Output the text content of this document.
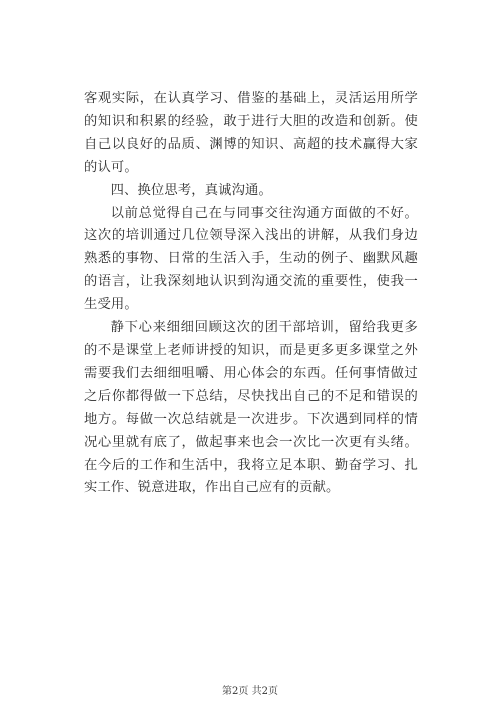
客观实际，在认真学习、借鉴的基础上，灵活运用所学的知识和积累的经验，敢于进行大胆的改造和创新。使自己以良好的品质、渊博的知识、高超的技术赢得大家的认可。

四、换位思考，真诚沟通。

以前总觉得自己在与同事交往沟通方面做的不好。这次的培训通过几位领导深入浅出的讲解，从我们身边熟悉的事物、日常的生活入手，生动的例子、幽默风趣的语言，让我深刻地认识到沟通交流的重要性，使我一生受用。

静下心来细细回顾这次的团干部培训，留给我更多的不是课堂上老师讲授的知识，而是更多更多课堂之外需要我们去细细咀嚼、用心体会的东西。任何事情做过之后你都得做一下总结，尽快找出自己的不足和错误的地方。每做一次总结就是一次进步。下次遇到同样的情况心里就有底了，做起事来也会一次比一次更有头绪。在今后的工作和生活中，我将立足本职、勤奋学习、扎实工作、锐意进取，作出自己应有的贡献。

第2页 共2页
